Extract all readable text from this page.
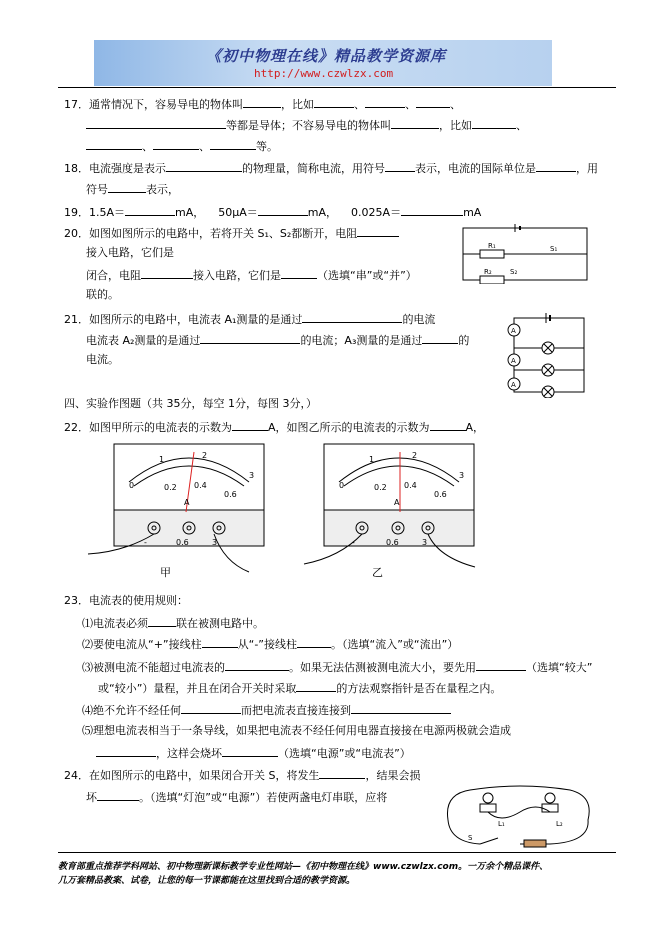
《初中物理在线》精品教学资源库
http://www.czwlzx.com
17．通常情况下，容易导电的物体叫	，比如	、	、	、
等都是导体；不容易导电的物体叫	，比如	、
、	、	等。
18．电流强度是表示	的物理量，简称电流，用符号	表示，电流的国际单位是	，用
符号	表示，
19．1.5A＝	mA， 50μA＝	mA， 0.025A＝	mA
20．如图如图所示的电路中，若将开关 S₁、S₂都断开，电阻
接入电路，它们是
闭合，电阻	接入电路，它们是	（选填“串”或“并”）
联的。
R₁	S₁
R₂	S₂
21．如图所示的电路中，电流表 A₁测量的是通过	的电流
电流表 A₂测量的是通过	的电流；A₃测量的是通过	的
电流。
A
A
A
四、实验作图题（共 35分，每空 1分，每图 3分，）
22．如图甲所示的电流表的示数为	A，如图乙所示的电流表的示数为	A，
0
1	2
3
0.2 0.4
0.6
A
-	0.6	3
甲
0
1	2
3
0.2 0.4
0.6
A
-	0.6	3
乙
23．电流表的使用规则：
⑴电流表必须	联在被测电路中。
⑵要使电流从“+”接线柱	从“-”接线柱	。（选填“流入”或“流出”）
⑶被测电流不能超过电流表的	。如果无法估测被测电流大小，要先用	（选填“较大”
或“较小”）量程，并且在闭合开关时采取	的方法观察指针是否在量程之内。
⑷绝不允许不经任何	而把电流表直接连接到
⑸理想电流表相当于一条导线，如果把电流表不经任何用电器直接接在电源两极就会造成
，这样会烧坏	（选填“电源”或“电流表”）
24．在如图所示的电路中，如果闭合开关 S，将发生	，结果会损
坏	。（选填“灯泡”或“电源”）若使两盏电灯串联，应将
L₁	L₂
S
教育部重点推荐学科网站、初中物理新课标教学专业性网站—《初中物理在线》www.czwlzx.com。一万余个精品课件、
几万套精品教案、试卷，让您的每一节课都能在这里找到合适的教学资源。
